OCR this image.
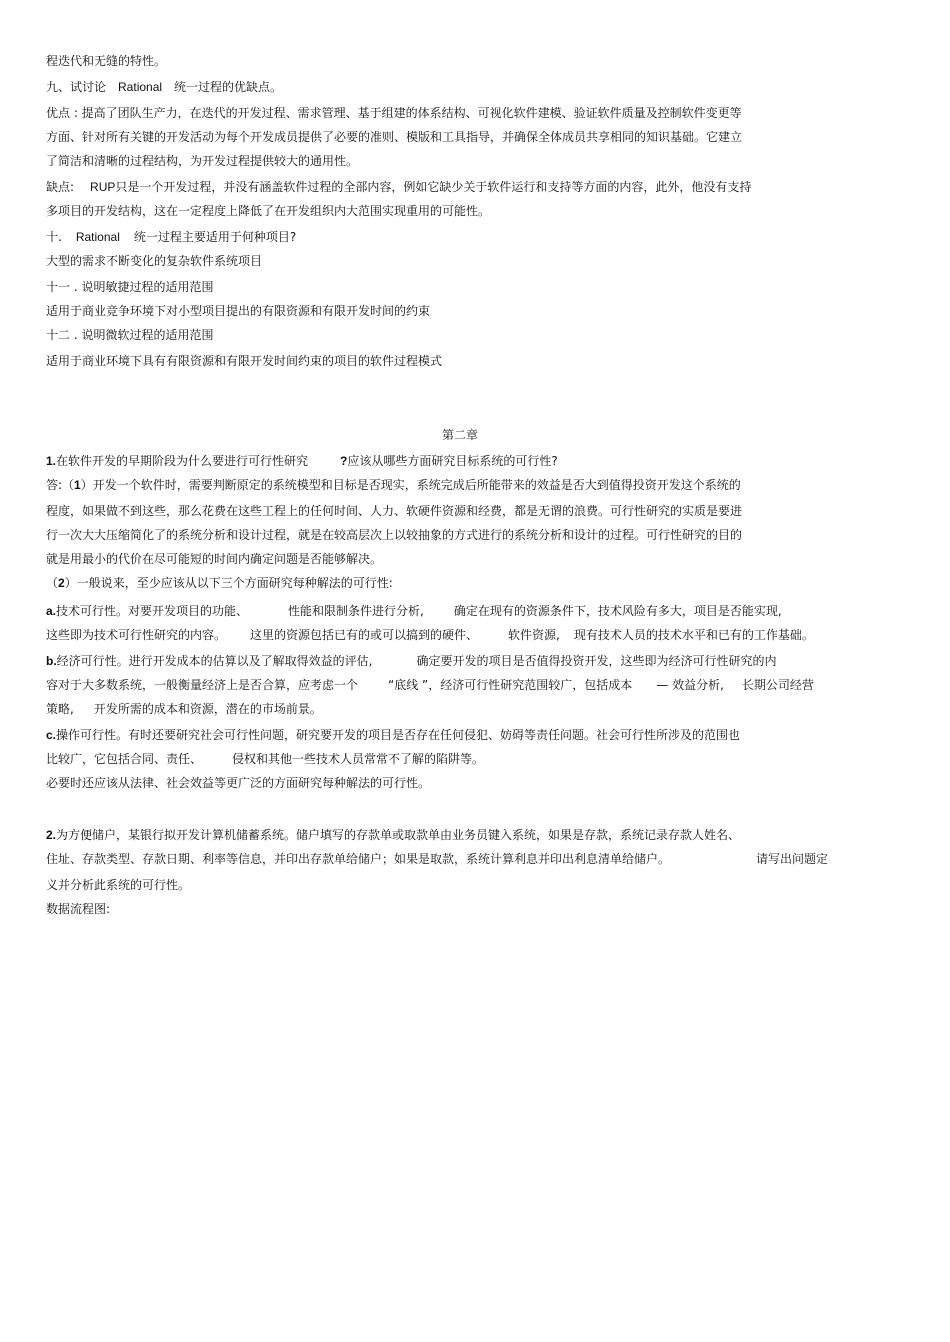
程迭代和无缝的特性。
九、试讨论 Rational 统一过程的优缺点。
优点 : 提高了团队生产力，在迭代的开发过程、需求管理、基于组建的体系结构、可视化软件建模、验证软件质量及控制软件变更等
方面、针对所有关键的开发活动为每个开发成员提供了必要的准则、模版和工具指导，并确保全体成员共享相同的知识基础。它建立
了简洁和清晰的过程结构，为开发过程提供较大的通用性。
缺点: RUP只是一个开发过程，并没有涵盖软件过程的全部内容，例如它缺少关于软件运行和支持等方面的内容，此外，他没有支持
多项目的开发结构，这在一定程度上降低了在开发组织内大范围实现重用的可能性。
十. Rational 统一过程主要适用于何种项目?
大型的需求不断变化的复杂软件系统项目
十一 . 说明敏捷过程的适用范围
适用于商业竞争环境下对小型项目提出的有限资源和有限开发时间的约束
十二 . 说明微软过程的适用范围
适用于商业环境下具有有限资源和有限开发时间约束的项目的软件过程模式
第二章
1.在软件开发的早期阶段为什么要进行可行性研究	?应该从哪些方面研究目标系统的可行性?
答:（1）开发一个软件时，需要判断原定的系统模型和目标是否现实，系统完成后所能带来的效益是否大到值得投资开发这个系统的
程度，如果做不到这些，那么花费在这些工程上的任何时间、人力、软硬件资源和经费，都是无谓的浪费。可行性研究的实质是要进
行一次大大压缩简化了的系统分析和设计过程，就是在较高层次上以较抽象的方式进行的系统分析和设计的过程。可行性研究的目的
就是用最小的代价在尽可能短的时间内确定问题是否能够解决。
（2）一般说来，至少应该从以下三个方面研究每种解法的可行性:
a.技术可行性。对要开发项目的功能、	性能和限制条件进行分析,	确定在现有的资源条件下，技术风险有多大，项目是否能实现,
这些即为技术可行性研究的内容。 这里的资源包括已有的或可以搞到的硬件、	软件资源, 现有技术人员的技术水平和已有的工作基础。
b.经济可行性。进行开发成本的估算以及了解取得效益的评估,	确定要开发的项目是否值得投资开发，这些即为经济可行性研究的内
容对于大多数系统，一般衡量经济上是否合算，应考虑一个	“底线 ”，经济可行性研究范围较广，包括成本 — 效益分析, 长期公司经营
策略, 开发所需的成本和资源，潜在的市场前景。
c.操作可行性。有时还要研究社会可行性问题，研究要开发的项目是否存在任何侵犯、妨碍等责任问题。社会可行性所涉及的范围也
比较广，它包括合同、责任、	侵权和其他一些技术人员常常不了解的陷阱等。
必要时还应该从法律、社会效益等更广泛的方面研究每种解法的可行性。
2.为方便储户，某银行拟开发计算机储蓄系统。储户填写的存款单或取款单由业务员键入系统，如果是存款，系统记录存款人姓名、
住址、存款类型、存款日期、利率等信息，并印出存款单给储户；如果是取款，系统计算利息并印出利息清单给储户。	请写出问题定
义并分析此系统的可行性。
数据流程图:
